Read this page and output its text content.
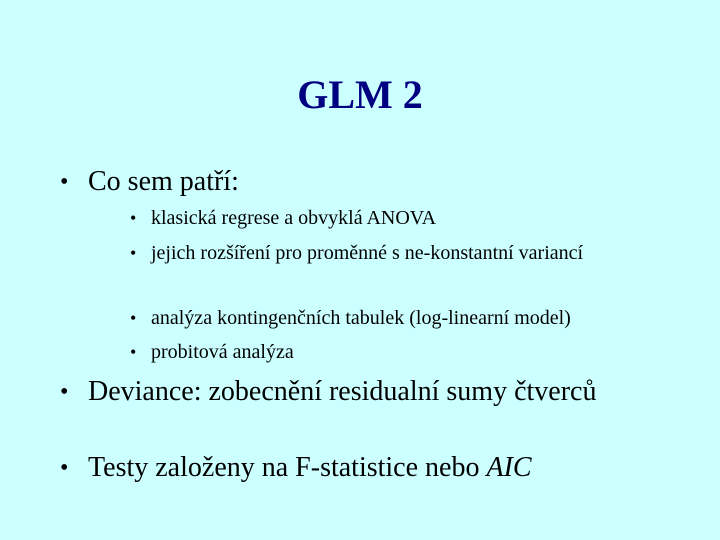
GLM 2
• Co sem patří:
• klasická regrese a obvyklá ANOVA
• jejich rozšíření pro proměnné s ne-konstantní variancí
• analýza kontingenčních tabulek (log-linearní model)
• probitová analýza
• Deviance: zobecnění residualní sumy čtverců
• Testy založeny na F-statistice nebo AIC
